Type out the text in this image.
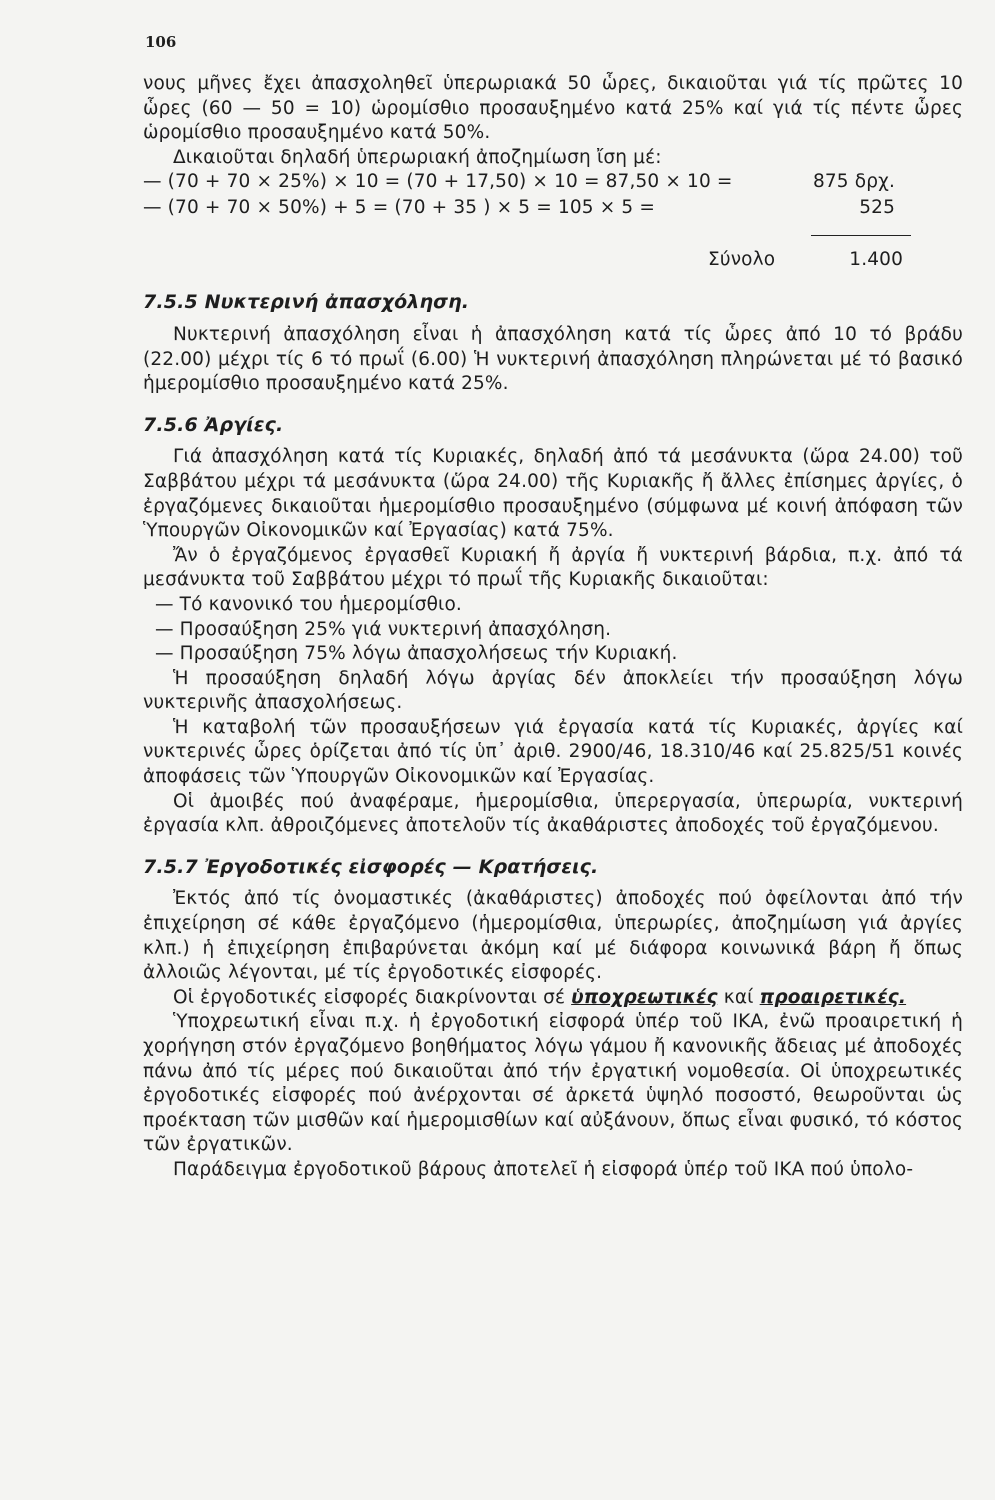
106

νους μῆνες ἔχει ἀπασχοληθεῖ ὑπερωριακά 50 ὧρες, δικαιοῦται γιά τίς πρῶτες 10 ὧρες (60 — 50 = 10) ὡρομίσθιο προσαυξημένο κατά 25% καί γιά τίς πέντε ὧρες ὡρομίσθιο προσαυξημένο κατά 50%.

Δικαιοῦται δηλαδή ὑπερωριακή ἀποζημίωση ἴση μέ:

— (70 + 70 × 25%) × 10 = (70 + 17,50) × 10 = 87,50 × 10 =	875 δρχ.
— (70 + 70 × 50%) + 5 = (70 + 35 ) × 5 = 105 × 5 =	525
Σύνολο	1.400
7.5.5 Νυκτερινή ἀπασχόληση.

Νυκτερινή ἀπασχόληση εἶναι ἡ ἀπασχόληση κατά τίς ὧρες ἀπό 10 τό βράδυ (22.00) μέχρι τίς 6 τό πρωΐ (6.00) Ἡ νυκτερινή ἀπασχόληση πληρώνεται μέ τό βασικό ἡμερομίσθιο προσαυξημένο κατά 25%.

7.5.6 Ἀργίες.

Γιά ἀπασχόληση κατά τίς Κυριακές, δηλαδή ἀπό τά μεσάνυκτα (ὥρα 24.00) τοῦ Σαββάτου μέχρι τά μεσάνυκτα (ὥρα 24.00) τῆς Κυριακῆς ἤ ἄλλες ἐπίσημες ἀργίες, ὁ ἐργαζόμενες δικαιοῦται ἡμερομίσθιο προσαυξημένο (σύμφωνα μέ κοινή ἀπόφαση τῶν Ὑπουργῶν Οἰκονομικῶν καί Ἐργασίας) κατά 75%.

Ἄν ὁ ἐργαζόμενος ἐργασθεῖ Κυριακή ἤ ἀργία ἤ νυκτερινή βάρδια, π.χ. ἀπό τά μεσάνυκτα τοῦ Σαββάτου μέχρι τό πρωΐ τῆς Κυριακῆς δικαιοῦται:

— Τό κανονικό του ἡμερομίσθιο.

— Προσαύξηση 25% γιά νυκτερινή ἀπασχόληση.

— Προσαύξηση 75% λόγω ἀπασχολήσεως τήν Κυριακή.

Ἡ προσαύξηση δηλαδή λόγω ἀργίας δέν ἀποκλείει τήν προσαύξηση λόγω νυκτερινῆς ἀπασχολήσεως.

Ἡ καταβολή τῶν προσαυξήσεων γιά ἐργασία κατά τίς Κυριακές, ἀργίες καί νυκτερινές ὧρες ὁρίζεται ἀπό τίς ὑπ᾽ ἀριθ. 2900/46, 18.310/46 καί 25.825/51 κοινές ἀποφάσεις τῶν Ὑπουργῶν Οἰκονομικῶν καί Ἐργασίας.

Οἱ ἀμοιβές πού ἀναφέραμε, ἡμερομίσθια, ὑπερεργασία, ὑπερωρία, νυκτερινή ἐργασία κλπ. ἀθροιζόμενες ἀποτελοῦν τίς ἀκαθάριστες ἀποδοχές τοῦ ἐργαζόμενου.

7.5.7 Ἐργοδοτικές εἰσφορές — Κρατήσεις.

Ἐκτός ἀπό τίς ὀνομαστικές (ἀκαθάριστες) ἀποδοχές πού ὀφείλονται ἀπό τήν ἐπιχείρηση σέ κάθε ἐργαζόμενο (ἡμερομίσθια, ὑπερωρίες, ἀποζημίωση γιά ἀργίες κλπ.) ἡ ἐπιχείρηση ἐπιβαρύνεται ἀκόμη καί μέ διάφορα κοινωνικά βάρη ἤ ὅπως ἀλλοιῶς λέγονται, μέ τίς ἐργοδοτικές εἰσφορές.

Οἱ ἐργοδοτικές εἰσφορές διακρίνονται σέ ὑποχρεωτικές καί προαιρετικές.

Ὑποχρεωτική εἶναι π.χ. ἡ ἐργοδοτική εἰσφορά ὑπέρ τοῦ ΙΚΑ, ἐνῶ προαιρετική ἡ χορήγηση στόν ἐργαζόμενο βοηθήματος λόγω γάμου ἤ κανονικῆς ἄδειας μέ ἀποδοχές πάνω ἀπό τίς μέρες πού δικαιοῦται ἀπό τήν ἐργατική νομοθεσία. Οἱ ὑποχρεωτικές ἐργοδοτικές εἰσφορές πού ἀνέρχονται σέ ἀρκετά ὑψηλό ποσοστό, θεωροῦνται ὡς προέκταση τῶν μισθῶν καί ἡμερομισθίων καί αὐξάνουν, ὅπως εἶναι φυσικό, τό κόστος τῶν ἐργατικῶν.

Παράδειγμα ἐργοδοτικοῦ βάρους ἀποτελεῖ ἡ εἰσφορά ὑπέρ τοῦ ΙΚΑ πού ὑπολο-
